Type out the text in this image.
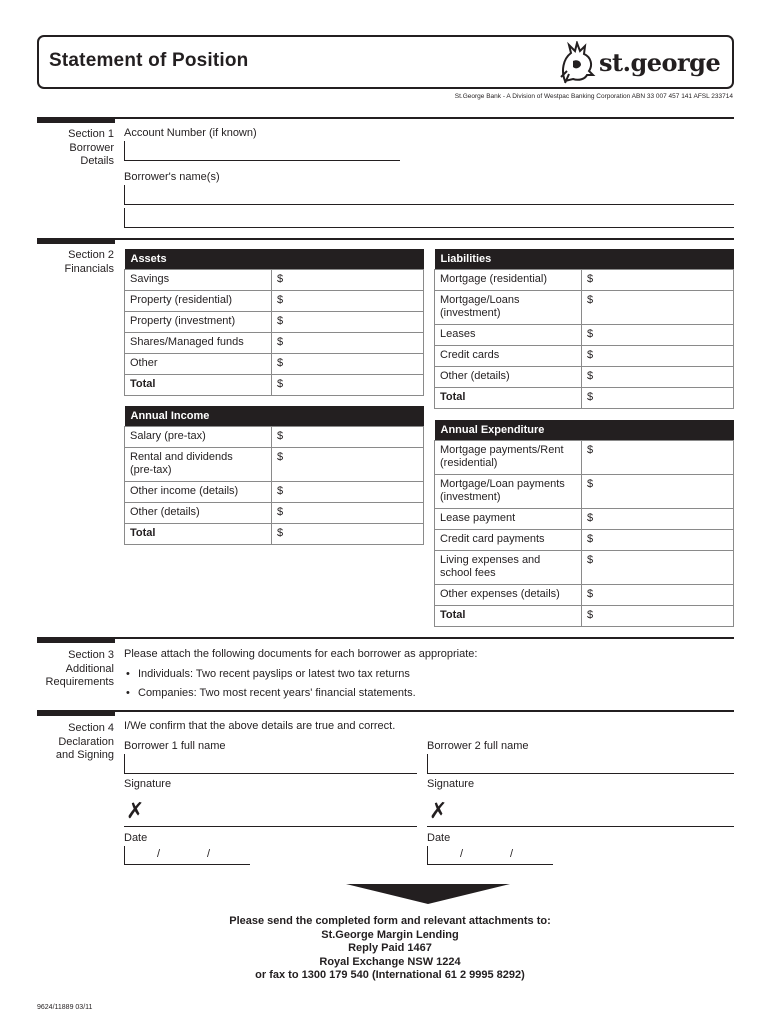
Statement of Position	st.george
St.George Bank - A Division of Westpac Banking Corporation ABN 33 007 457 141 AFSL 233714
Section 1
Borrower
Details
Account Number (if known)
Borrower's name(s)
Section 2
Financials
Assets	
Savings	$
Property (residential)	$
Property (investment)	$
Shares/Managed funds	$
Other	$
Total	$
Liabilities	
Mortgage (residential)	$
Mortgage/Loans
(investment)	$
Leases	$
Credit cards	$
Other (details)	$
Total	$
Annual Income	
Salary (pre-tax)	$
Rental and dividends
(pre-tax)	$
Other income (details)	$
Other (details)	$
Total	$
Annual Expenditure	
Mortgage payments/Rent
(residential)	$
Mortgage/Loan payments
(investment)	$
Lease payment	$
Credit card payments	$
Living expenses and
school fees	$
Other expenses (details)	$
Total	$
Section 3
Additional
Requirements
Please attach the following documents for each borrower as appropriate:
• Individuals: Two recent payslips or latest two tax returns
• Companies: Two most recent years' financial statements.
Section 4
Declaration
and Signing
I/We confirm that the above details are true and correct.
Borrower 1 full name	Borrower 2 full name
Signature
✗
Signature
✗
Date
/	/
Date
/	/
Please send the completed form and relevant attachments to:
St.George Margin Lending
Reply Paid 1467
Royal Exchange NSW 1224
or fax to 1300 179 540 (International 61 2 9995 8292)
9624/11889 03/11
